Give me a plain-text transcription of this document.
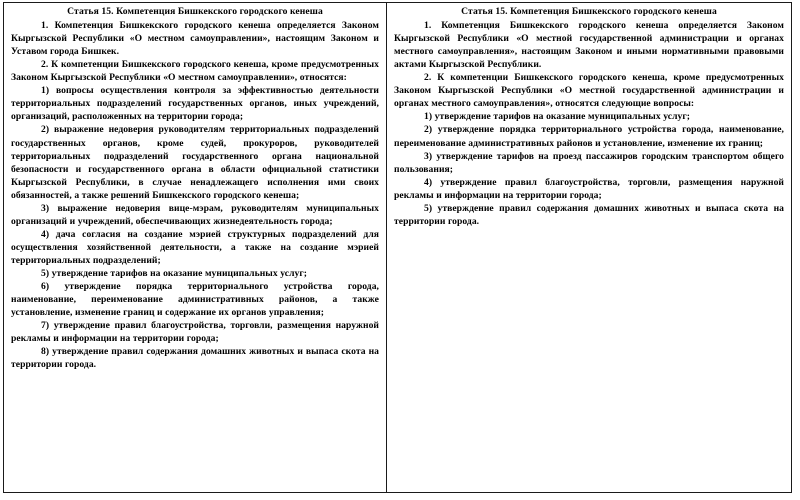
Статья 15. Компетенция Бишкекского городского кенеша

1. Компетенция Бишкекского городского кенеша определяется Законом Кыргызской Республики «О местном самоуправлении», настоящим Законом и Уставом города Бишкек.

2. К компетенции Бишкекского городского кенеша, кроме предусмотренных Законом Кыргызской Республики «О местном самоуправлении», относятся:

1) вопросы осуществления контроля за эффективностью деятельности территориальных подразделений государственных органов, иных учреждений, организаций, расположенных на территории города;

2) выражение недоверия руководителям территориальных подразделений государственных органов, кроме судей, прокуроров, руководителей территориальных подразделений государственного органа национальной безопасности и государственного органа в области официальной статистики Кыргызской Республики, в случае ненадлежащего исполнения ими своих обязанностей, а также решений Бишкекского городского кенеша;

3) выражение недоверия вице-мэрам, руководителям муниципальных организаций и учреждений, обеспечивающих жизнедеятельность города;

4) дача согласия на создание мэрией структурных подразделений для осуществления хозяйственной деятельности, а также на создание мэрией территориальных подразделений;

5) утверждение тарифов на оказание муниципальных услуг;

6) утверждение порядка территориального устройства города, наименование, переименование административных районов, а также установление, изменение границ и содержание их органов управления;

7) утверждение правил благоустройства, торговли, размещения наружной рекламы и информации на территории города;

8) утверждение правил содержания домашних животных и выпаса скота на территории города.

Статья 15. Компетенция Бишкекского городского кенеша

1. Компетенция Бишкекского городского кенеша определяется Законом Кыргызской Республики «О местной государственной администрации и органах местного самоуправления», настоящим Законом и иными нормативными правовыми актами Кыргызской Республики.

2. К компетенции Бишкекского городского кенеша, кроме предусмотренных Законом Кыргызской Республики «О местной государственной администрации и органах местного самоуправления», относятся следующие вопросы:

1) утверждение тарифов на оказание муниципальных услуг;

2) утверждение порядка территориального устройства города, наименование, переименование административных районов и установление, изменение их границ;

3) утверждение тарифов на проезд пассажиров городским транспортом общего пользования;

4) утверждение правил благоустройства, торговли, размещения наружной рекламы и информации на территории города;

5) утверждение правил содержания домашних животных и выпаса скота на территории города.
